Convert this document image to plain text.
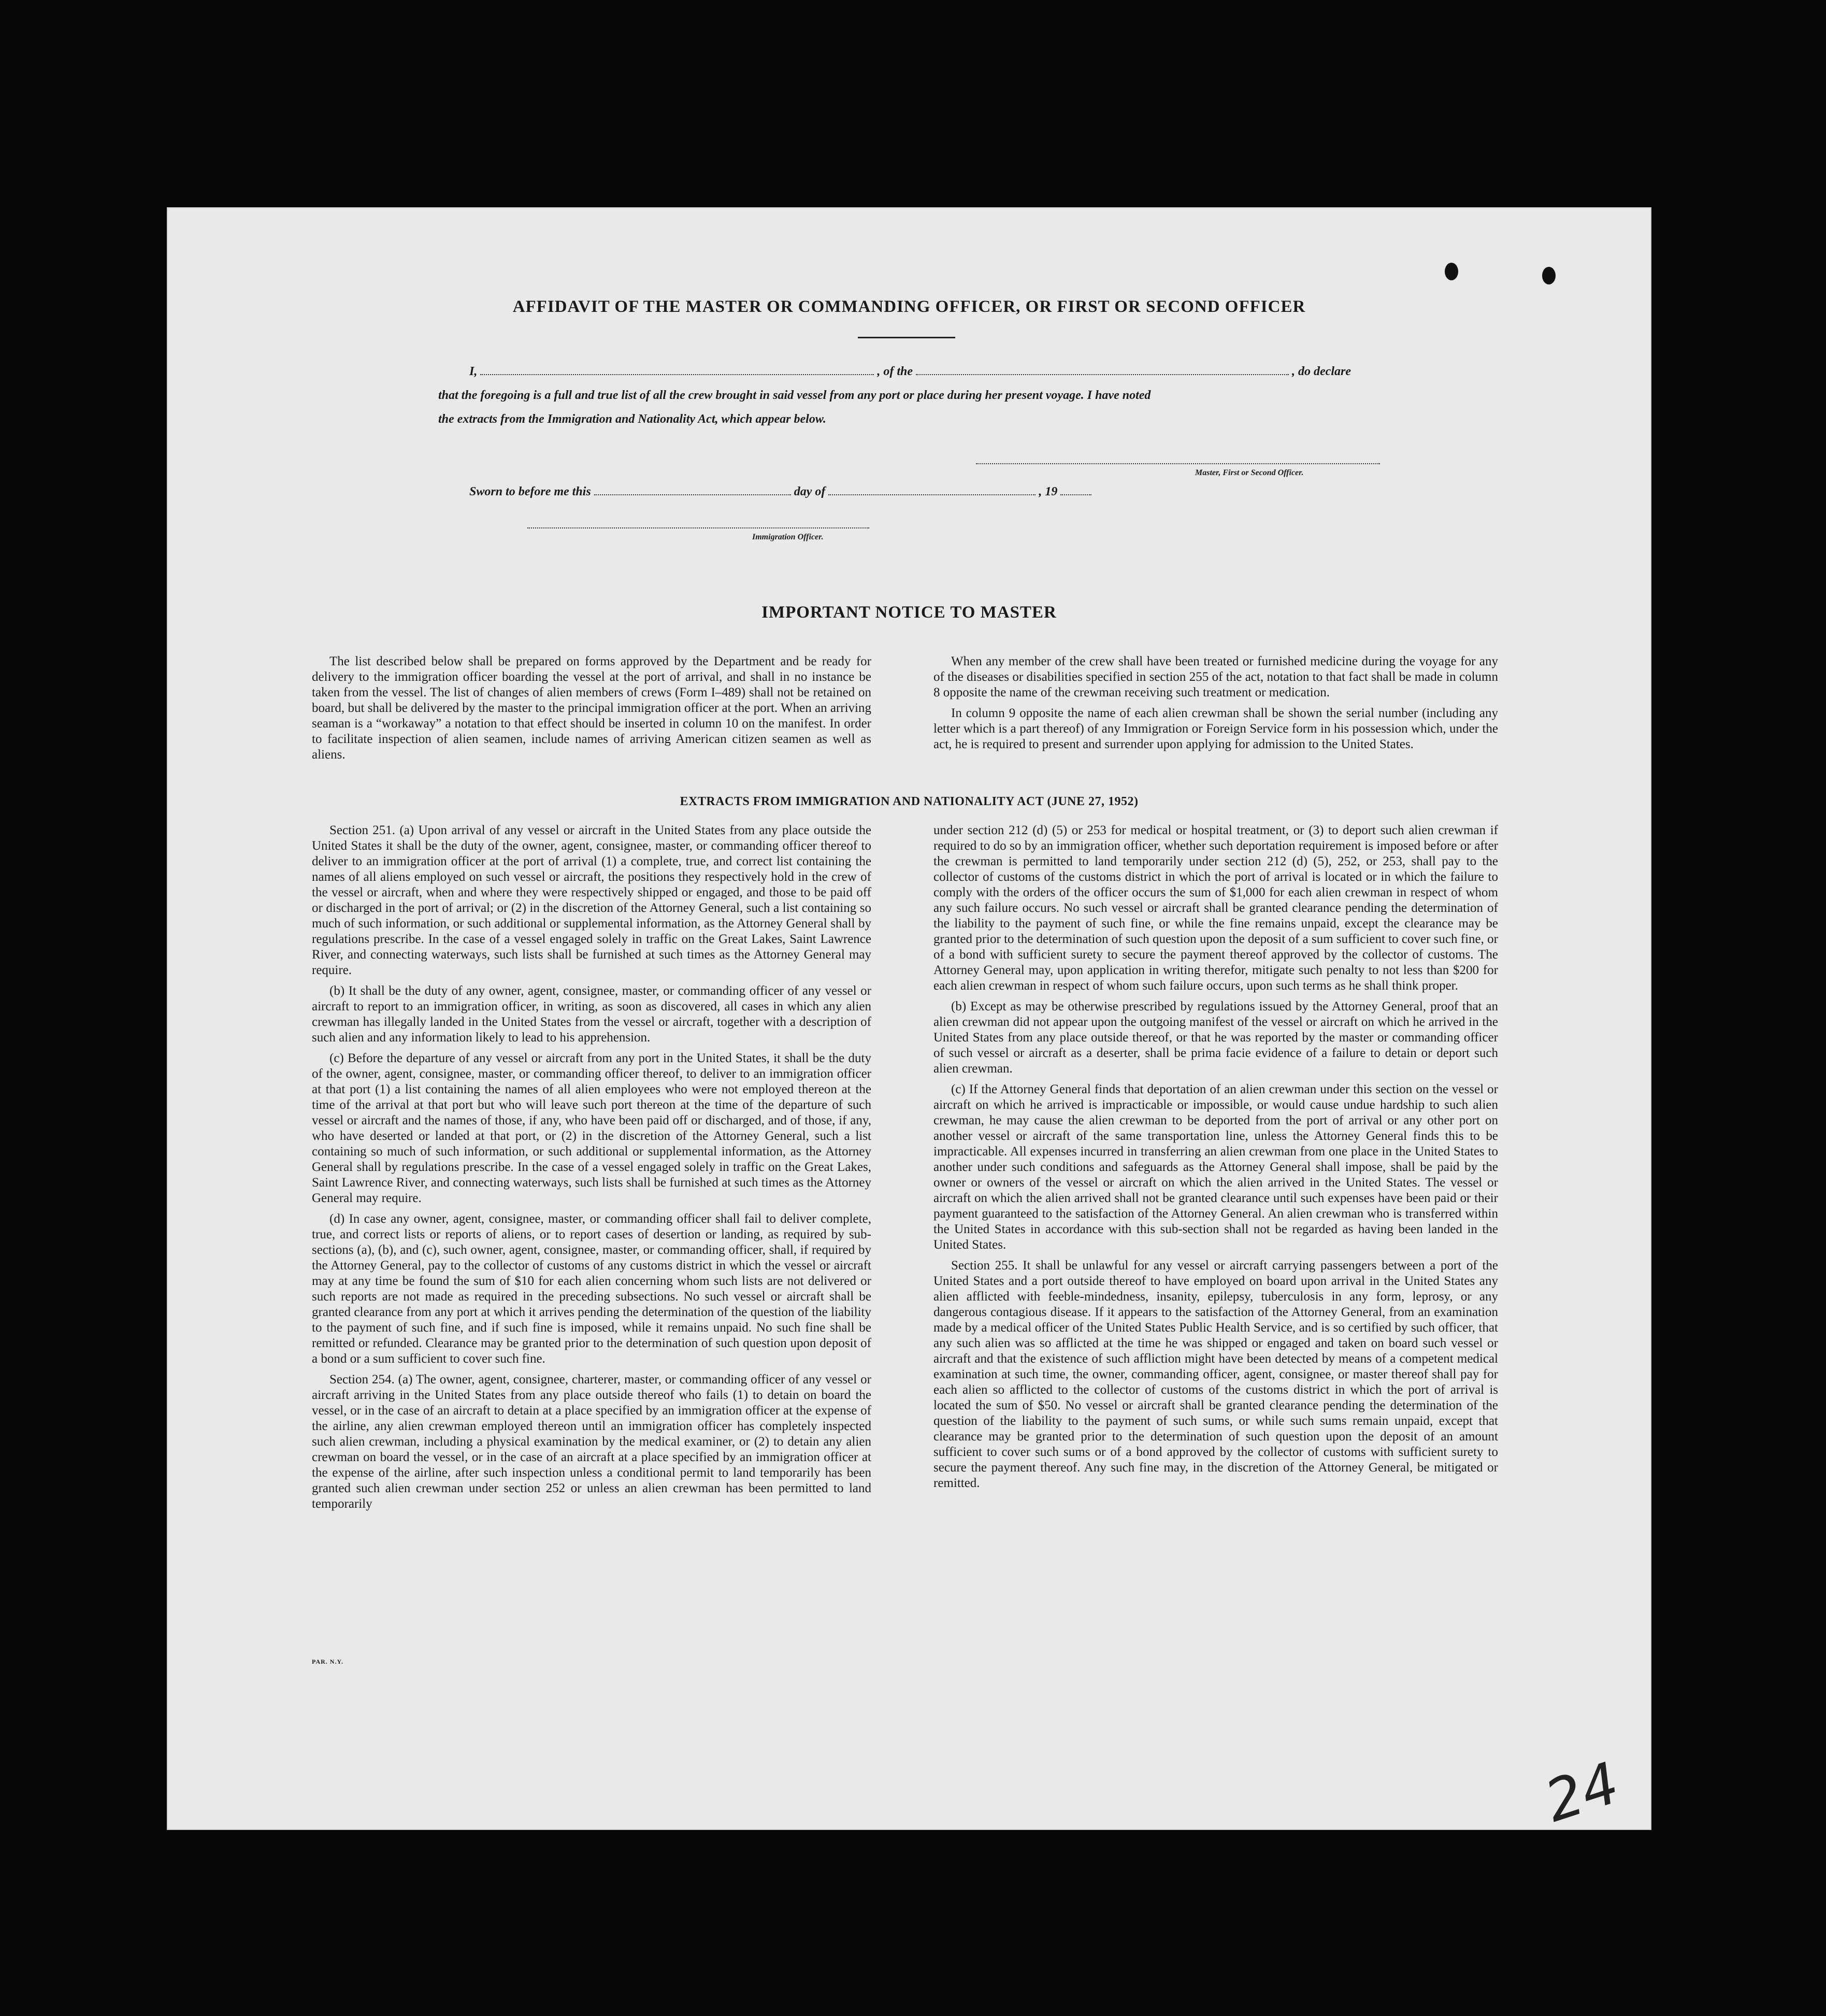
AFFIDAVIT OF THE MASTER OR COMMANDING OFFICER, OR FIRST OR SECOND OFFICER
I,	, of the	, do declare
that the foregoing is a full and true list of all the crew brought in said vessel from any port or place during her present voyage. I have noted
the extracts from the Immigration and Nationality Act, which appear below.
Master, First or Second Officer.
Sworn to before me this	day of	, 19
Immigration Officer.
IMPORTANT NOTICE TO MASTER

The list described below shall be prepared on forms approved by the Department and be ready for delivery to the immigration officer boarding the vessel at the port of arrival, and shall in no instance be taken from the vessel. The list of changes of alien members of crews (Form I–489) shall not be retained on board, but shall be delivered by the master to the principal immigration officer at the port. When an arriving seaman is a “workaway” a notation to that effect should be inserted in column 10 on the manifest. In order to facilitate inspection of alien seamen, include names of arriving American citizen seamen as well as aliens.

When any member of the crew shall have been treated or furnished medicine during the voyage for any of the diseases or disabilities specified in section 255 of the act, notation to that fact shall be made in column 8 opposite the name of the crewman receiving such treatment or medication.

In column 9 opposite the name of each alien crewman shall be shown the serial number (including any letter which is a part thereof) of any Immigration or Foreign Service form in his possession which, under the act, he is required to present and surrender upon applying for admission to the United States.

EXTRACTS FROM IMMIGRATION AND NATIONALITY ACT (JUNE 27, 1952)

Section 251. (a) Upon arrival of any vessel or aircraft in the United States from any place outside the United States it shall be the duty of the owner, agent, consignee, master, or commanding officer thereof to deliver to an immigration officer at the port of arrival (1) a complete, true, and correct list containing the names of all aliens employed on such vessel or aircraft, the positions they respectively hold in the crew of the vessel or aircraft, when and where they were respectively shipped or engaged, and those to be paid off or discharged in the port of arrival; or (2) in the discretion of the Attorney General, such a list containing so much of such information, or such additional or supplemental information, as the Attorney General shall by regulations prescribe. In the case of a vessel engaged solely in traffic on the Great Lakes, Saint Lawrence River, and connecting waterways, such lists shall be furnished at such times as the Attorney General may require.

(b) It shall be the duty of any owner, agent, consignee, master, or commanding officer of any vessel or aircraft to report to an immigration officer, in writing, as soon as discovered, all cases in which any alien crewman has illegally landed in the United States from the vessel or aircraft, together with a description of such alien and any information likely to lead to his apprehension.

(c) Before the departure of any vessel or aircraft from any port in the United States, it shall be the duty of the owner, agent, consignee, master, or commanding officer thereof, to deliver to an immigration officer at that port (1) a list containing the names of all alien employees who were not employed thereon at the time of the arrival at that port but who will leave such port thereon at the time of the departure of such vessel or aircraft and the names of those, if any, who have been paid off or discharged, and of those, if any, who have deserted or landed at that port, or (2) in the discretion of the Attorney General, such a list containing so much of such information, or such additional or supplemental information, as the Attorney General shall by regulations prescribe. In the case of a vessel engaged solely in traffic on the Great Lakes, Saint Lawrence River, and connecting waterways, such lists shall be furnished at such times as the Attorney General may require.

(d) In case any owner, agent, consignee, master, or commanding officer shall fail to deliver complete, true, and correct lists or reports of aliens, or to report cases of desertion or landing, as required by sub-sections (a), (b), and (c), such owner, agent, consignee, master, or commanding officer, shall, if required by the Attorney General, pay to the collector of customs of any customs district in which the vessel or aircraft may at any time be found the sum of $10 for each alien concerning whom such lists are not delivered or such reports are not made as required in the preceding subsections. No such vessel or aircraft shall be granted clearance from any port at which it arrives pending the determination of the question of the liability to the payment of such fine, and if such fine is imposed, while it remains unpaid. No such fine shall be remitted or refunded. Clearance may be granted prior to the determination of such question upon deposit of a bond or a sum sufficient to cover such fine.

Section 254. (a) The owner, agent, consignee, charterer, master, or commanding officer of any vessel or aircraft arriving in the United States from any place outside thereof who fails (1) to detain on board the vessel, or in the case of an aircraft to detain at a place specified by an immigration officer at the expense of the airline, any alien crewman employed thereon until an immigration officer has completely inspected such alien crewman, including a physical examination by the medical examiner, or (2) to detain any alien crewman on board the vessel, or in the case of an aircraft at a place specified by an immigration officer at the expense of the airline, after such inspection unless a conditional permit to land temporarily has been granted such alien crewman under section 252 or unless an alien crewman has been permitted to land temporarily

under section 212 (d) (5) or 253 for medical or hospital treatment, or (3) to deport such alien crewman if required to do so by an immigration officer, whether such deportation requirement is imposed before or after the crewman is permitted to land temporarily under section 212 (d) (5), 252, or 253, shall pay to the collector of customs of the customs district in which the port of arrival is located or in which the failure to comply with the orders of the officer occurs the sum of $1,000 for each alien crewman in respect of whom any such failure occurs. No such vessel or aircraft shall be granted clearance pending the determination of the liability to the payment of such fine, or while the fine remains unpaid, except the clearance may be granted prior to the determination of such question upon the deposit of a sum sufficient to cover such fine, or of a bond with sufficient surety to secure the payment thereof approved by the collector of customs. The Attorney General may, upon application in writing therefor, mitigate such penalty to not less than $200 for each alien crewman in respect of whom such failure occurs, upon such terms as he shall think proper.

(b) Except as may be otherwise prescribed by regulations issued by the Attorney General, proof that an alien crewman did not appear upon the outgoing manifest of the vessel or aircraft on which he arrived in the United States from any place outside thereof, or that he was reported by the master or commanding officer of such vessel or aircraft as a deserter, shall be prima facie evidence of a failure to detain or deport such alien crewman.

(c) If the Attorney General finds that deportation of an alien crewman under this section on the vessel or aircraft on which he arrived is impracticable or impossible, or would cause undue hardship to such alien crewman, he may cause the alien crewman to be deported from the port of arrival or any other port on another vessel or aircraft of the same transportation line, unless the Attorney General finds this to be impracticable. All expenses incurred in transferring an alien crewman from one place in the United States to another under such conditions and safeguards as the Attorney General shall impose, shall be paid by the owner or owners of the vessel or aircraft on which the alien arrived in the United States. The vessel or aircraft on which the alien arrived shall not be granted clearance until such expenses have been paid or their payment guaranteed to the satisfaction of the Attorney General. An alien crewman who is transferred within the United States in accordance with this sub-section shall not be regarded as having been landed in the United States.

Section 255. It shall be unlawful for any vessel or aircraft carrying passengers between a port of the United States and a port outside thereof to have employed on board upon arrival in the United States any alien afflicted with feeble-mindedness, insanity, epilepsy, tuberculosis in any form, leprosy, or any dangerous contagious disease. If it appears to the satisfaction of the Attorney General, from an examination made by a medical officer of the United States Public Health Service, and is so certified by such officer, that any such alien was so afflicted at the time he was shipped or engaged and taken on board such vessel or aircraft and that the existence of such affliction might have been detected by means of a competent medical examination at such time, the owner, commanding officer, agent, consignee, or master thereof shall pay for each alien so afflicted to the collector of customs of the customs district in which the port of arrival is located the sum of $50. No vessel or aircraft shall be granted clearance pending the determination of the question of the liability to the payment of such sums, or while such sums remain unpaid, except that clearance may be granted prior to the determination of such question upon the deposit of an amount sufficient to cover such sums or of a bond approved by the collector of customs with sufficient surety to secure the payment thereof. Any such fine may, in the discretion of the Attorney General, be mitigated or remitted.

PAR. N.Y.
24
